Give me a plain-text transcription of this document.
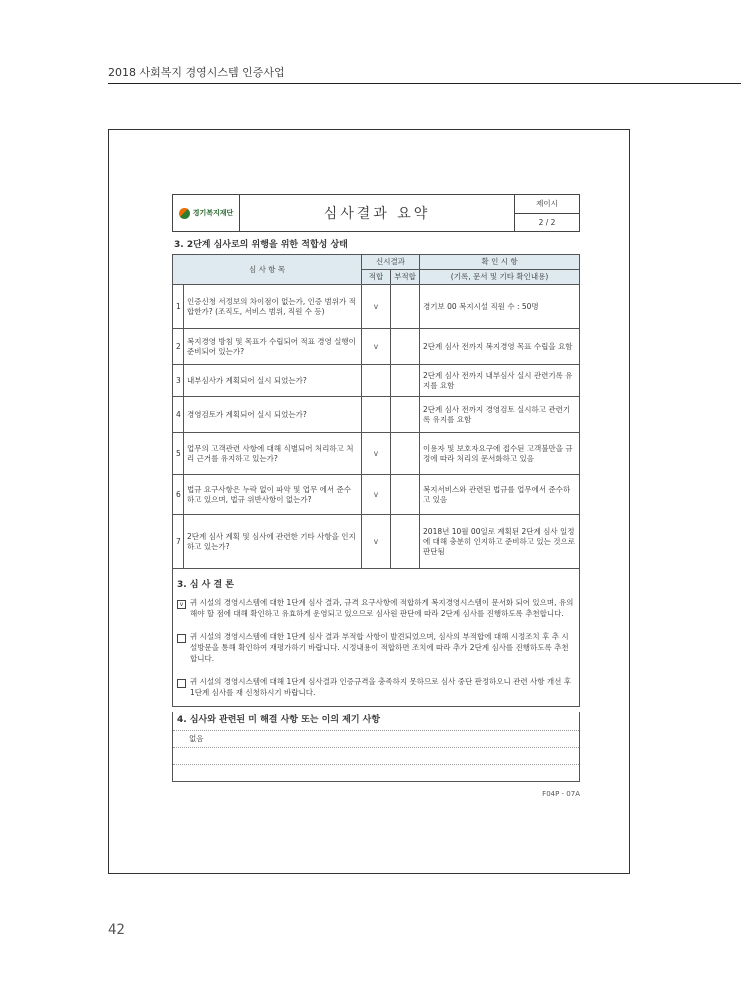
2018 사회복지 경영시스템 인증사업
경기복지재단	심사결과 요약
제이시
2 / 2
3. 2단계 심사로의 위행을 위한 적합성 상태
심 사 항 목		신시결과		확 인 시 항
		적합	부적합	(기록, 문서 및 기타 확인내용)
1	인증신청 서정보의 차이점이 없는가, 인증 범위가 적합한가? (조직도, 서비스 범위, 직원 수 등)	v		경기보 00 복지시설 직원 수 : 50명
2	복지경영 방침 및 목표가 수립되어 적표 경영 실행이 준비되어 있는가?	v		2단계 심사 전까지 복지경영 목표 수립을 요함
3	내부심사가 계획되어 실시 되었는가?			2단계 심사 전까지 내부심사 실시 관련기록 유지를 요함
4	경영검토가 계획되어 실시 되었는가?			2단계 심사 전까지 경영검토 실시하고 관련기록 유지를 요함
5	업무의 고객관련 사항에 대해 식별되어 처리하고 처리 근거를 유지하고 있는가?	v		이용자 및 보호자요구에 접수된 고객불만을 규정에 따라 처리의 문서화하고 있음
6	법규 요구사항은 누락 없이 파악 및 업무 에서 준수하고 있으며, 법규 위반사항이 없는가?	v		복지서비스와 관련된 법규를 업무에서 준수하고 있음
7	2단계 심사 계획 및 심사에 관련한 기타 사항을 인지하고 있는가?	v		2018년 10월 00일로 계획된 2단계 심사 일정에 대해 충분히 인지하고 준비하고 있는 것으로 판단됨
3. 심 사 결 론
v 귀 시설의 경영시스템에 대한 1단계 심사 결과, 규격 요구사항에 적합하게 복지경영시스템이 문서화 되어 있으며, 유의해야 할 점에 대해 확인하고 유효하게 운영되고 있으므로 심사원 판단에 따라 2단계 심사를 진행하도록 추천합니다.
귀 시설의 경영시스템에 대한 1단계 심사 결과 부적합 사항이 발견되었으며, 심사의 부적합에 대해 시정조치 후 추 시설방문을 통해 확인하여 재평가하기 바랍니다. 시정내용이 적합하면 조치에 따라 추가 2단계 심사를 진행하도록 추천합니다.
귀 시설의 경영시스템에 대해 1단계 심사결과 인증규격을 충족하지 못하므로 심사 중단 판정하오니 관련 사항 개선 후 1단계 심사를 재 신청하시기 바랍니다.
4. 심사와 관련된 미 해결 사항 또는 이의 제기 사항
없음
F04P - 07A
42
